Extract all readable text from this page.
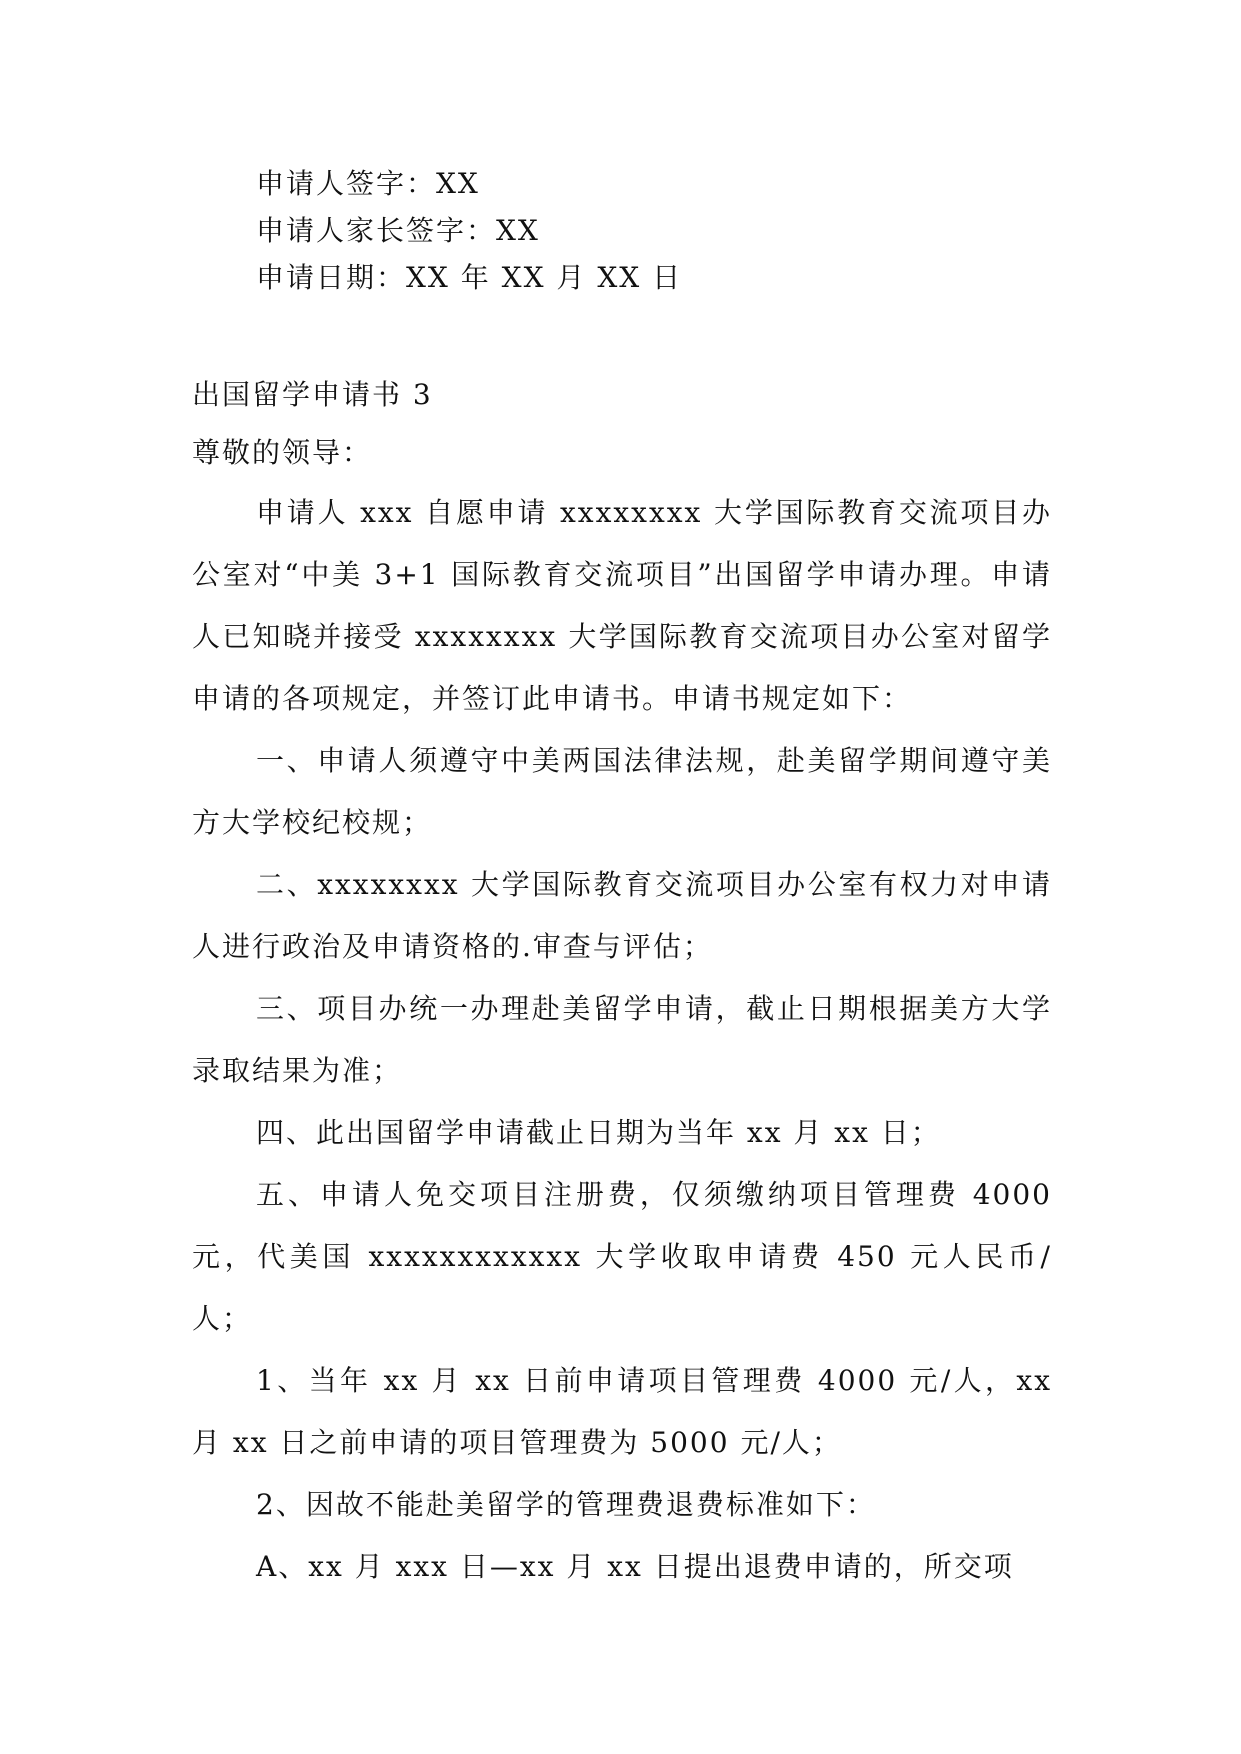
申请人签字：XX
申请人家长签字：XX
申请日期：XX 年 XX 月 XX 日
出国留学申请书 3
尊敬的领导：

申请人 xxx 自愿申请 xxxxxxxx 大学国际教育交流项目办公室对“中美 3+1 国际教育交流项目”出国留学申请办理。申请人已知晓并接受 xxxxxxxx 大学国际教育交流项目办公室对留学申请的各项规定，并签订此申请书。申请书规定如下：

一、申请人须遵守中美两国法律法规，赴美留学期间遵守美方大学校纪校规；

二、xxxxxxxx 大学国际教育交流项目办公室有权力对申请人进行政治及申请资格的.审查与评估；

三、项目办统一办理赴美留学申请，截止日期根据美方大学录取结果为准；

四、此出国留学申请截止日期为当年 xx 月 xx 日；

五、申请人免交项目注册费，仅须缴纳项目管理费 4000 元，代美国 xxxxxxxxxxxx 大学收取申请费 450 元人民币/人；

1、当年 xx 月 xx 日前申请项目管理费 4000 元/人，xx 月 xx 日之前申请的项目管理费为 5000 元/人；

2、因故不能赴美留学的管理费退费标准如下：

A、xx 月 xxx 日—xx 月 xx 日提出退费申请的，所交项
